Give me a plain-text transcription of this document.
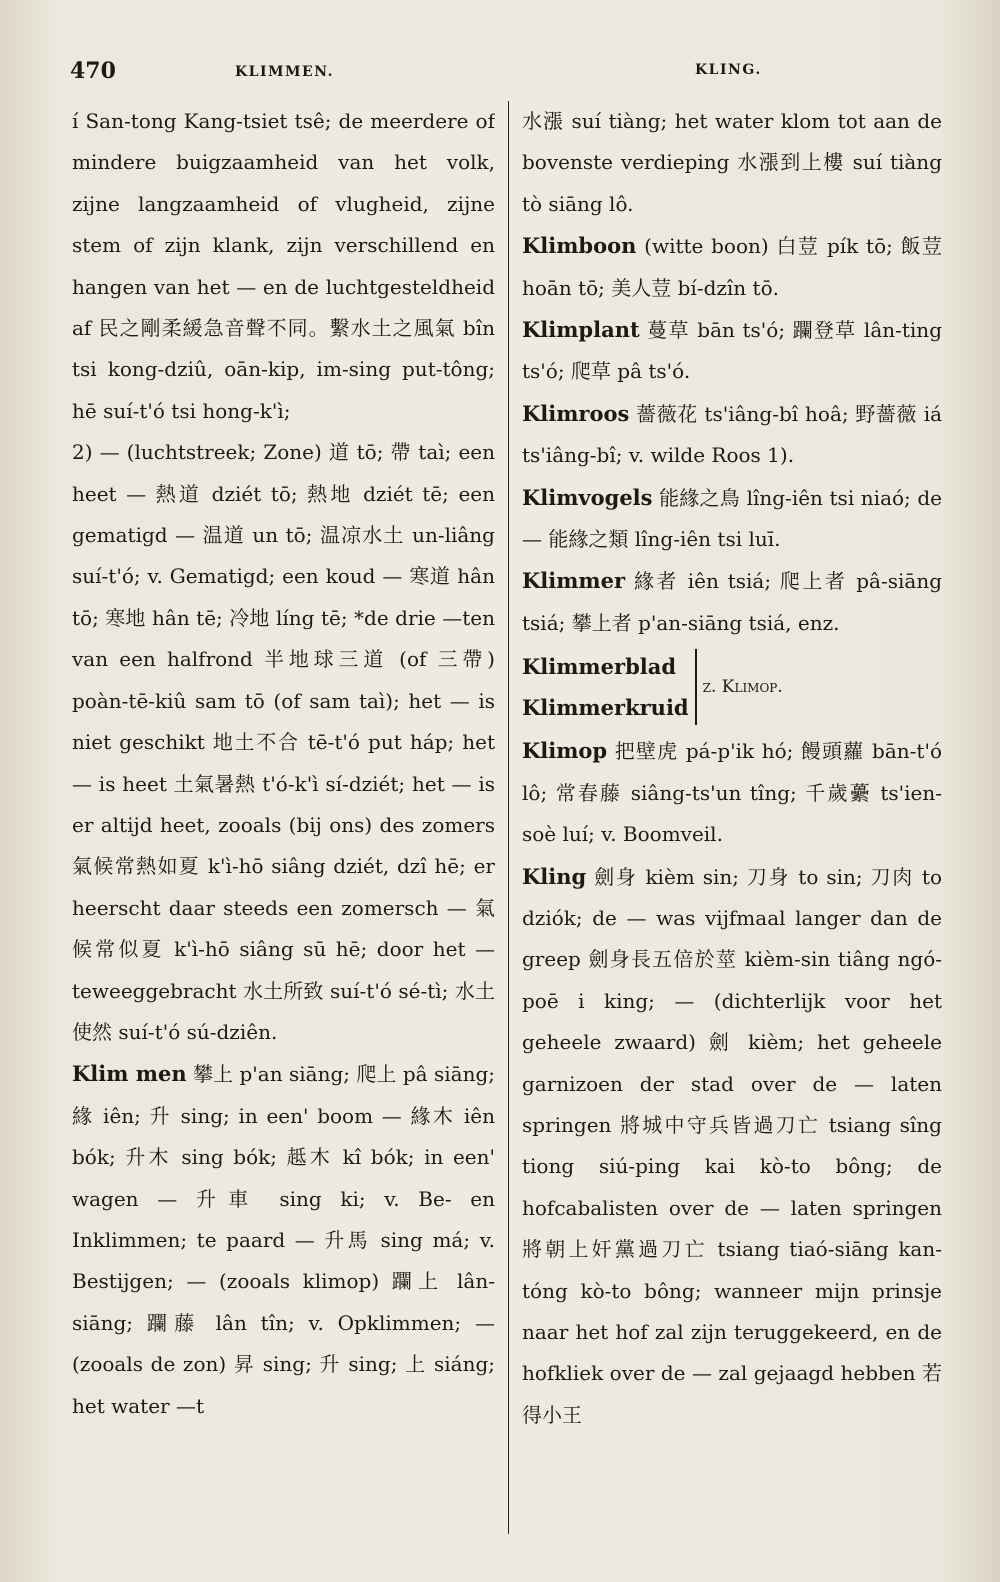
470	KLIMMEN.	KLING.

í San-tong Kang-tsiet tsê; de meerdere of mindere buigzaamheid van het volk, zijne langzaamheid of vlugheid, zijne stem of zijn klank, zijn verschillend en hangen van het — en de luchtgesteldheid af 民之剛柔緩急音聲不同。繫水土之風氣 bîn tsi kong-dziû, oān-kip, im-sing put-tông; hē suí-t'ó tsi hong-k'ì;

2) — (luchtstreek; Zone) 道 tō; 帶 taì; een heet — 熱道 dziét tō; 熱地 dziét tē; een gematigd — 温道 un tō; 温凉水土 un-liâng suí-t'ó; v. Gematigd; een koud — 寒道 hân tō; 寒地 hân tē; 冷地 líng tē; *de drie —ten van een halfrond 半地球三道 (of 三帶) poàn-tē-kiû sam tō (of sam taì); het — is niet geschikt 地土不合 tē-t'ó put háp; het — is heet 土氣暑熱 t'ó-k'ì sí-dziét; het — is er altijd heet, zooals (bij ons) des zomers 氣候常熱如夏 k'ì-hō siâng dziét, dzî hē; er heerscht daar steeds een zomersch — 氣候常似夏 k'ì-hō siâng sū hē; door het — teweeggebracht 水土所致 suí-t'ó sé-tì; 水土使然 suí-t'ó sú-dziên.

Klim men 攀上 p'an siāng; 爬上 pâ siāng; 緣 iên; 升 sing; in een' boom — 緣木 iên bók; 升木 sing bók; 趆木 kî bók; in een' wagen — 升車 sing ki; v. Be- en Inklimmen; te paard — 升馬 sing má; v. Bestijgen; — (zooals klimop) 躝上 lân-siāng; 躝藤 lân tîn; v. Opklimmen; — (zooals de zon) 昇 sing; 升 sing; 上 siáng; het water —t

水漲 suí tiàng; het water klom tot aan de bovenste verdieping 水漲到上樓 suí tiàng tò siāng lô.

Klimboon (witte boon) 白荳 pík tō; 飯荳 hoān tō; 美人荳 bí-dzîn tō.

Klimplant 蔓草 bān ts'ó; 躝登草 lân-ting ts'ó; 爬草 pâ ts'ó.

Klimroos 薔薇花 ts'iâng-bî hoâ; 野薔薇 iá ts'iâng-bî; v. wilde Roos 1).

Klimvogels 能緣之鳥 lîng-iên tsi niaó; de — 能緣之類 lîng-iên tsi luī.

Klimmer 緣者 iên tsiá; 爬上者 pâ-siāng tsiá; 攀上者 p'an-siāng tsiá, enz.

Klimmerblad
Klimmerkruid
z. Klimop.

Klimop 把壁虎 pá-p'ik hó; 饅頭蘿 bān-t'ó lô; 常春藤 siâng-ts'un tîng; 千歲虆 ts'ien-soè luí; v. Boomveil.

Kling 劍身 kièm sin; 刀身 to sin; 刀肉 to dziók; de — was vijfmaal langer dan de greep 劍身長五倍於莖 kièm-sin tiâng ngó-poē i king; — (dichterlijk voor het geheele zwaard) 劍 kièm; het geheele garnizoen der stad over de — laten springen 將城中守兵皆過刀亡 tsiang sîng tiong siú-ping kai kò-to bông; de hofcabalisten over de — laten springen 將朝上奸黨過刀亡 tsiang tiaó-siāng kan-tóng kò-to bông; wanneer mijn prinsje naar het hof zal zijn teruggekeerd, en de hofkliek over de — zal gejaagd hebben 若得小王
